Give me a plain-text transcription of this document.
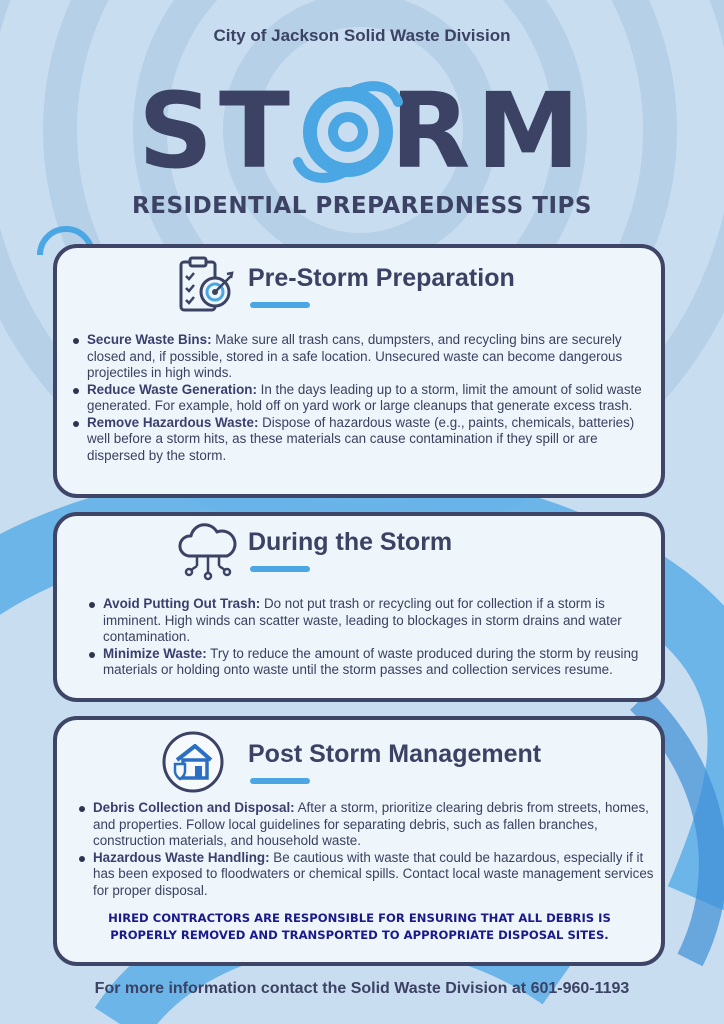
City of Jackson Solid Waste Division
ST RM
RESIDENTIAL PREPAREDNESS TIPS
Pre-Storm Preparation
Secure Waste Bins: Make sure all trash cans, dumpsters, and recycling bins are securely closed and, if possible, stored in a safe location. Unsecured waste can become dangerous projectiles in high winds.
Reduce Waste Generation: In the days leading up to a storm, limit the amount of solid waste generated. For example, hold off on yard work or large cleanups that generate excess trash.
Remove Hazardous Waste: Dispose of hazardous waste (e.g., paints, chemicals, batteries) well before a storm hits, as these materials can cause contamination if they spill or are dispersed by the storm.
During the Storm
Avoid Putting Out Trash: Do not put trash or recycling out for collection if a storm is imminent. High winds can scatter waste, leading to blockages in storm drains and water contamination.
Minimize Waste: Try to reduce the amount of waste produced during the storm by reusing materials or holding onto waste until the storm passes and collection services resume.
Post Storm Management
Debris Collection and Disposal: After a storm, prioritize clearing debris from streets, homes, and properties. Follow local guidelines for separating debris, such as fallen branches, construction materials, and household waste.
Hazardous Waste Handling: Be cautious with waste that could be hazardous, especially if it has been exposed to floodwaters or chemical spills. Contact local waste management services for proper disposal.
HIRED CONTRACTORS ARE RESPONSIBLE FOR ENSURING THAT ALL DEBRIS IS PROPERLY REMOVED AND TRANSPORTED TO APPROPRIATE DISPOSAL SITES.
For more information contact the Solid Waste Division at 601-960-1193
